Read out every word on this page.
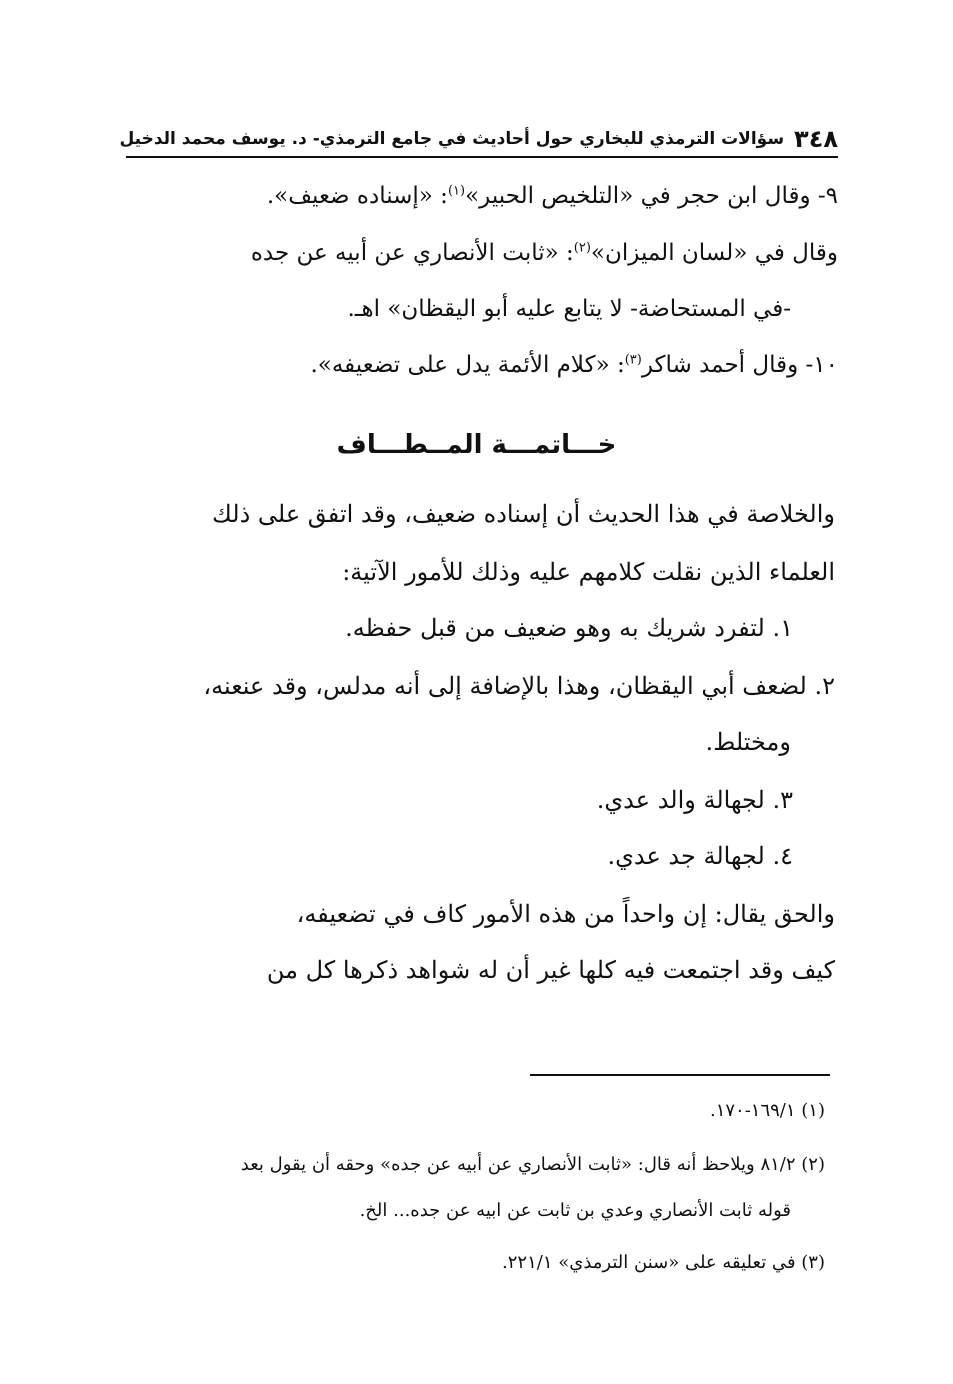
٣٤٨
سؤالات الترمذي للبخاري حول أحاديث في جامع الترمذي- د. يوسف محمد الدخيل
٩- وقال ابن حجر في «التلخيص الحبير»$^{(١)}$: «إسناده ضعيف».
وقال في «لسان الميزان»$^{(٢)}$: «ثابت الأنصاري عن أبيه عن جده
-في المستحاضة- لا يتابع عليه أبو اليقظان» اهـ.
١٠- وقال أحمد شاكر$^{(٣)}$: «كلام الأئمة يدل على تضعيفه».
خـــاتمـــة المــطـــاف
والخلاصة في هذا الحديث أن إسناده ضعيف، وقد اتفق على ذلك
العلماء الذين نقلت كلامهم عليه وذلك للأمور الآتية:
١. لتفرد شريك به وهو ضعيف من قبل حفظه.
٢. لضعف أبي اليقظان، وهذا بالإضافة إلى أنه مدلس، وقد عنعنه،
ومختلط.
٣. لجهالة والد عدي.
٤. لجهالة جد عدي.
والحق يقال: إن واحداً من هذه الأمور كاف في تضعيفه،
كيف وقد اجتمعت فيه كلها غير أن له شواهد ذكرها كل من
(١) ١٦٩/١-١٧٠.
(٢) ٨١/٢ ويلاحظ أنه قال: «ثابت الأنصاري عن أبيه عن جده» وحقه أن يقول بعد
قوله ثابت الأنصاري وعدي بن ثابت عن ابيه عن جده... الخ.
(٣) في تعليقه على «سنن الترمذي» ٢٢١/١.
